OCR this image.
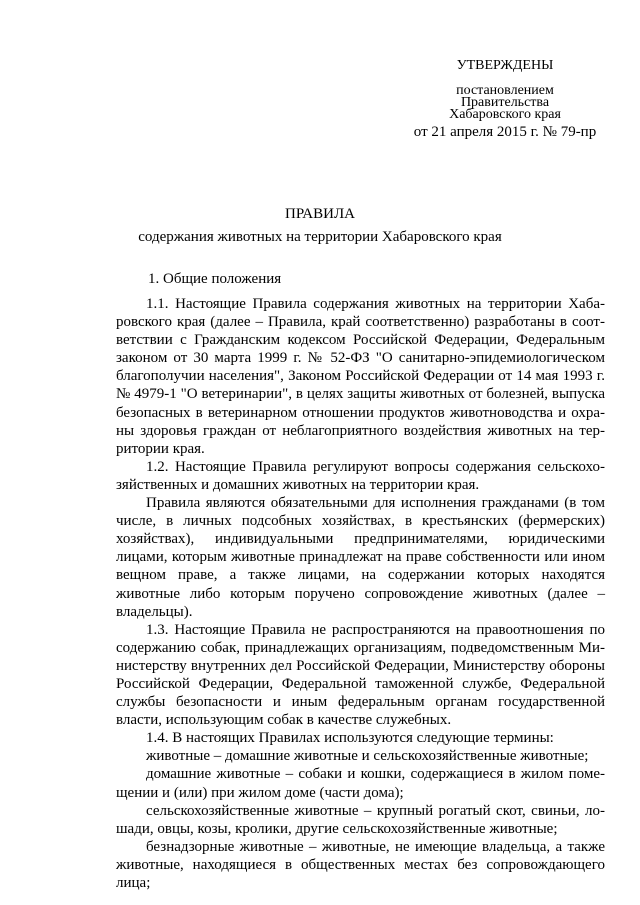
УТВЕРЖДЕНЫ
постановлением
Правительства
Хабаровского края
от 21 апреля 2015 г. № 79-пр
ПРАВИЛА
содержания животных на территории Хабаровского края
1. Общие положения

1.1. Настоящие Правила содержания животных на территории Хабаровского края (далее – Правила, край соответственно) разработаны в соответствии с Гражданским кодексом Российской Федерации, Федеральным законом от 30 марта 1999 г. № 52-ФЗ "О санитарно-эпидемиологическом благополучии населения", Законом Российской Федерации от 14 мая 1993 г. № 4979-1 "О ветеринарии", в целях защиты животных от болезней, выпуска безопасных в ветеринарном отношении продуктов животноводства и охраны здоровья граждан от неблагоприятного воздействия животных на территории края.

1.2. Настоящие Правила регулируют вопросы содержания сельскохозяйственных и домашних животных на территории края.

Правила являются обязательными для исполнения гражданами (в том числе, в личных подсобных хозяйствах, в крестьянских (фермерских) хозяйствах), индивидуальными предпринимателями, юридическими лицами, которым животные принадлежат на праве собственности или ином вещном праве, а также лицами, на содержании которых находятся животные либо которым поручено сопровождение животных (далее – владельцы).

1.3. Настоящие Правила не распространяются на правоотношения по содержанию собак, принадлежащих организациям, подведомственным Министерству внутренних дел Российской Федерации, Министерству обороны Российской Федерации, Федеральной таможенной службе, Федеральной службы безопасности и иным федеральным органам государственной власти, использующим собак в качестве служебных.

1.4. В настоящих Правилах используются следующие термины:

животные – домашние животные и сельскохозяйственные животные;

домашние животные – собаки и кошки, содержащиеся в жилом помещении и (или) при жилом доме (части дома);

сельскохозяйственные животные – крупный рогатый скот, свиньи, лошади, овцы, козы, кролики, другие сельскохозяйственные животные;

безнадзорные животные – животные, не имеющие владельца, а также животные, находящиеся в общественных местах без сопровождающего лица;
